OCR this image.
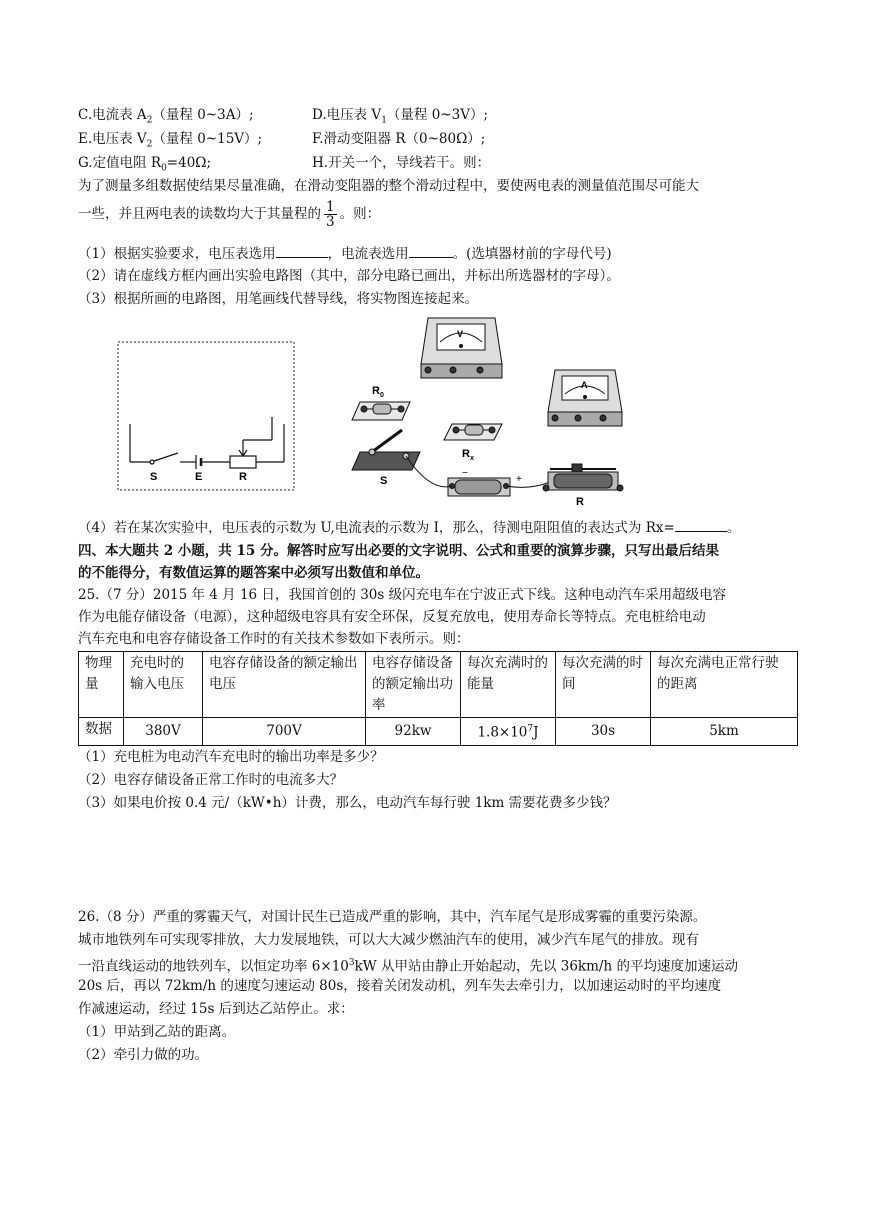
C.电流表 $A_2$（量程 0~3A）;	D.电压表 $V_1$（量程 0~3V）;
E.电压表 $V_2$（量程 0~15V）;	F.滑动变阻器 R（0~80Ω）;
G.定值电阻 $R_0=40\Omega$;	H.开关一个，导线若干。则：
为了测量多组数据使结果尽量准确，在滑动变阻器的整个滑动过程中，要使两电表的测量值范围尽可能大
一些，并且两电表的读数均大于其量程的 $\frac{1}{3}$ 。则：
（1）根据实验要求，电压表选用	，电流表选用	。(选填器材前的字母代号)
（2）请在虚线方框内画出实验电路图（其中，部分电路已画出，并标出所选器材的字母）。
（3）根据所画的电路图，用笔画线代替导线，将实物图连接起来。
S	E	R
V
A
$R_0$
$R_x$
S
−
+
R
（4）若在某次实验中，电压表的示数为 U,电流表的示数为 I，那么，待测电阻阻值的表达式为 Rx=	。
四、本大题共 2 小题，共 15 分。解答时应写出必要的文字说明、公式和重要的演算步骤，只写出最后结果
的不能得分，有数值运算的题答案中必须写出数值和单位。
25.（7 分）2015 年 4 月 16 日，我国首创的 30s 级闪充电车在宁波正式下线。这种电动汽车采用超级电容
作为电能存储设备（电源），这种超级电容具有安全环保，反复充放电，使用寿命长等特点。充电桩给电动
汽车充电和电容存储设备工作时的有关技术参数如下表所示。则：
物理量	充电时的输入电压	电容存储设备的额定输出电压	电容存储设备的额定输出功率	每次充满时的能量	每次充满的时间	每次充满电正常行驶的距离
数据	380V	700V	92kw	$1.8\times 10^7J$	30s	5km
（1）充电桩为电动汽车充电时的输出功率是多少？
（2）电容存储设备正常工作时的电流多大？
（3）如果电价按 0.4 元/（kW•h）计费，那么，电动汽车每行驶 1km 需要花费多少钱？
26.（8 分）严重的雾霾天气，对国计民生已造成严重的影响，其中，汽车尾气是形成雾霾的重要污染源。
城市地铁列车可实现零排放，大力发展地铁，可以大大减少燃油汽车的使用，减少汽车尾气的排放。现有
一沿直线运动的地铁列车，以恒定功率 $6\times 10^3kW$ 从甲站由静止开始起动，先以 36km/h 的平均速度加速运动
20s 后，再以 72km/h 的速度匀速运动 80s，接着关闭发动机，列车失去牵引力，以加速运动时的平均速度
作减速运动，经过 15s 后到达乙站停止。求：
（1）甲站到乙站的距离。
（2）牵引力做的功。
